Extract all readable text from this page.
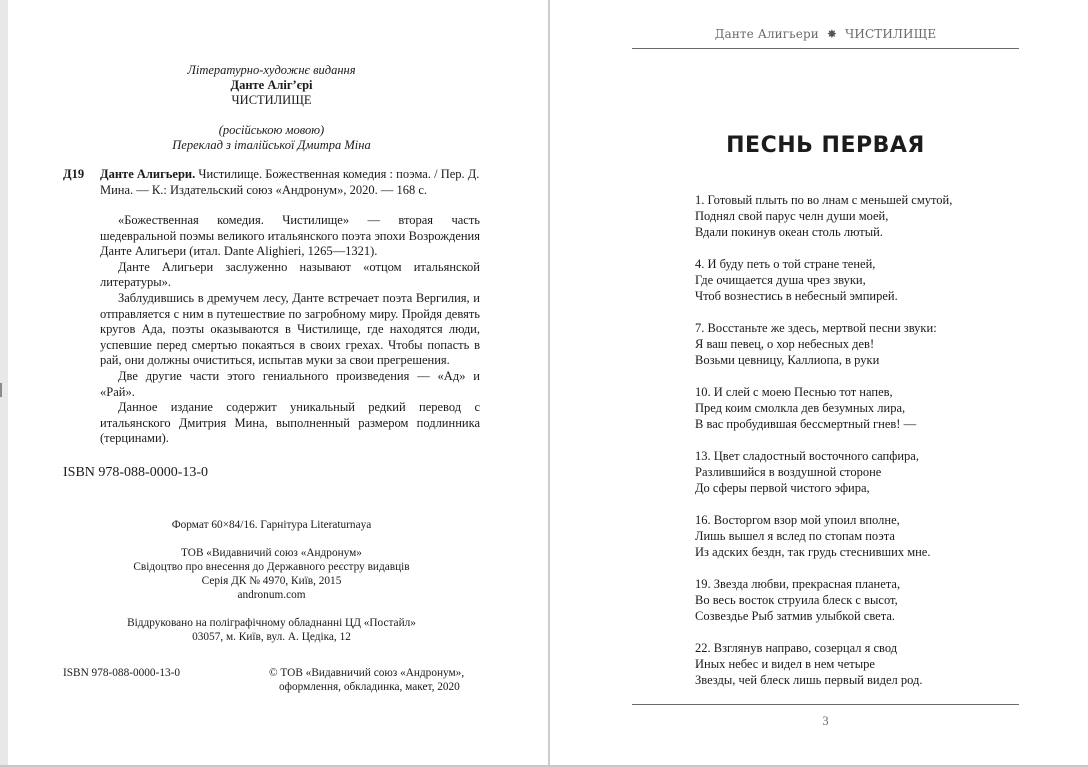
Літературно-художнє видання
Данте Аліг’єрі
ЧИСТИЛИЩЕ
(російською мовою)
Переклад з італійської Дмитра Міна
Д19 Данте Алигьери. Чистилище. Божественная комедия : поэма. / Пер. Д. Мина. — К.: Издательский союз «Андронум», 2020. — 168 с.

«Божественная комедия. Чистилище» — вторая часть шедевральной поэмы великого итальянского поэта эпохи Возрождения Данте Алигьери (итал. Dante Alighieri, 1265—1321).

Данте Алигьери заслуженно называют «отцом итальянской литературы».

Заблудившись в дремучем лесу, Данте встречает поэта Вергилия, и отправляется с ним в путешествие по загробному миру. Пройдя девять кругов Ада, поэты оказываются в Чистилище, где находятся люди, успевшие перед смертью покаяться в своих грехах. Чтобы попасть в рай, они должны очиститься, испытав муки за свои прегрешения.

Две другие части этого гениального произведения — «Ад» и «Рай».

Данное издание содержит уникальный редкий перевод с итальянского Дмитрия Мина, выполненный размером подлинника (терцинами).

ISBN 978-088-0000-13-0
Формат 60×84/16. Гарнітура Literaturnaya
ТОВ «Видавничий союз «Андронум»
Свідоцтво про внесення до Державного реєстру видавців
Серія ДК № 4970, Київ, 2015
andronum.com
Віддруковано на поліграфічному обладнанні ЦД «Постайл»
03057, м. Київ, вул. А. Цедіка, 12
ISBN 978-088-0000-13-0	© ТОВ «Видавничий союз «Андронум»,
оформлення, обкладинка, макет, 2020
Данте Алигьери ✸ ЧИСТИЛИЩЕ
ПЕСНЬ ПЕРВАЯ
1. Готовый плыть по во лнам с меньшей смутой,
Поднял свой парус челн души моей,
Вдали покинув океан столь лютый.
4. И буду петь о той стране теней,
Где очищается душа чрез звуки,
Чтоб вознестись в небесный эмпирей.
7. Восстаньте же здесь, мертвой песни звуки:
Я ваш певец, о хор небесных дев!
Возьми цевницу, Каллиопа, в руки
10. И слей с моею Песнью тот напев,
Пред коим смолкла дев безумных лира,
В вас пробудившая бессмертный гнев! —
13. Цвет сладостный восточного сапфира,
Разлившийся в воздушной стороне
До сферы первой чистого эфира,
16. Восторгом взор мой упоил вполне,
Лишь вышел я вслед по стопам поэта
Из адских бездн, так грудь стеснивших мне.
19. Звезда любви, прекрасная планета,
Во весь восток струила блеск с высот,
Созвездье Рыб затмив улыбкой света.
22. Взглянув направо, созерцал я свод
Иных небес и видел в нем четыре
Звезды, чей блеск лишь первый видел род.
3
